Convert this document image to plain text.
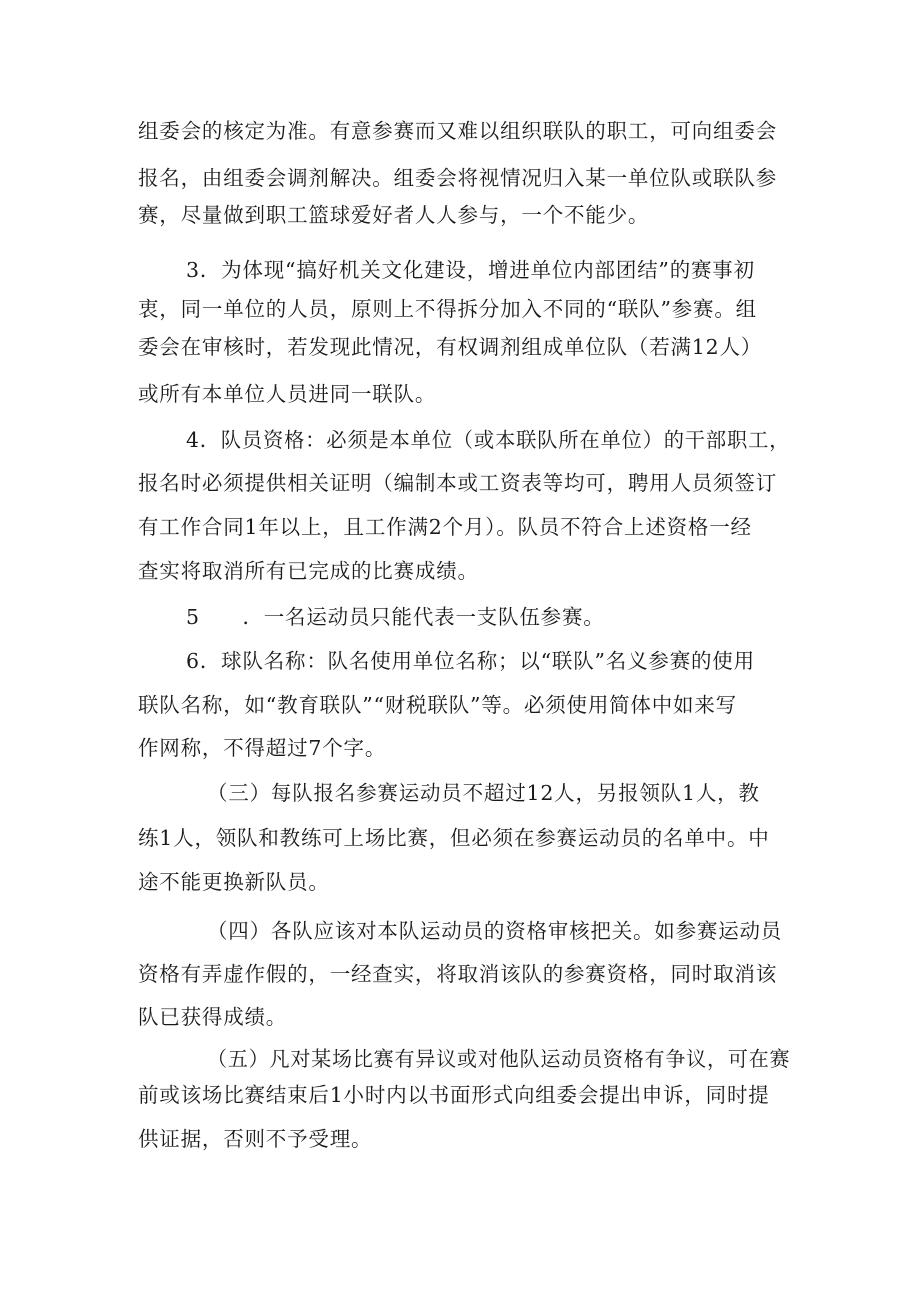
组委会的核定为准。有意参赛而又难以组织联队的职工，可向组委会
报名，由组委会调剂解决。组委会将视情况归入某一单位队或联队参
赛，尽量做到职工篮球爱好者人人参与，一个不能少。
3．为体现“搞好机关文化建设，增进单位内部团结”的赛事初
衷，同一单位的人员，原则上不得拆分加入不同的“联队”参赛。组
委会在审核时，若发现此情况，有权调剂组成单位队（若满12人）
或所有本单位人员进同一联队。
4．队员资格：必须是本单位（或本联队所在单位）的干部职工，
报名时必须提供相关证明（编制本或工资表等均可，聘用人员须签订
有工作合同1年以上，且工作满2个月）。队员不符合上述资格一经
查实将取消所有已完成的比赛成绩。
5　　．一名运动员只能代表一支队伍参赛。
6．球队名称：队名使用单位名称；以“联队”名义参赛的使用
联队名称，如“教育联队”“财税联队”等。必须使用简体中如来写
作网称，不得超过7个字。
（三）每队报名参赛运动员不超过12人，另报领队1人，教
练1人，领队和教练可上场比赛，但必须在参赛运动员的名单中。中
途不能更换新队员。
（四）各队应该对本队运动员的资格审核把关。如参赛运动员
资格有弄虚作假的，一经查实，将取消该队的参赛资格，同时取消该
队已获得成绩。
（五）凡对某场比赛有异议或对他队运动员资格有争议，可在赛
前或该场比赛结束后1小时内以书面形式向组委会提出申诉，同时提
供证据，否则不予受理。
